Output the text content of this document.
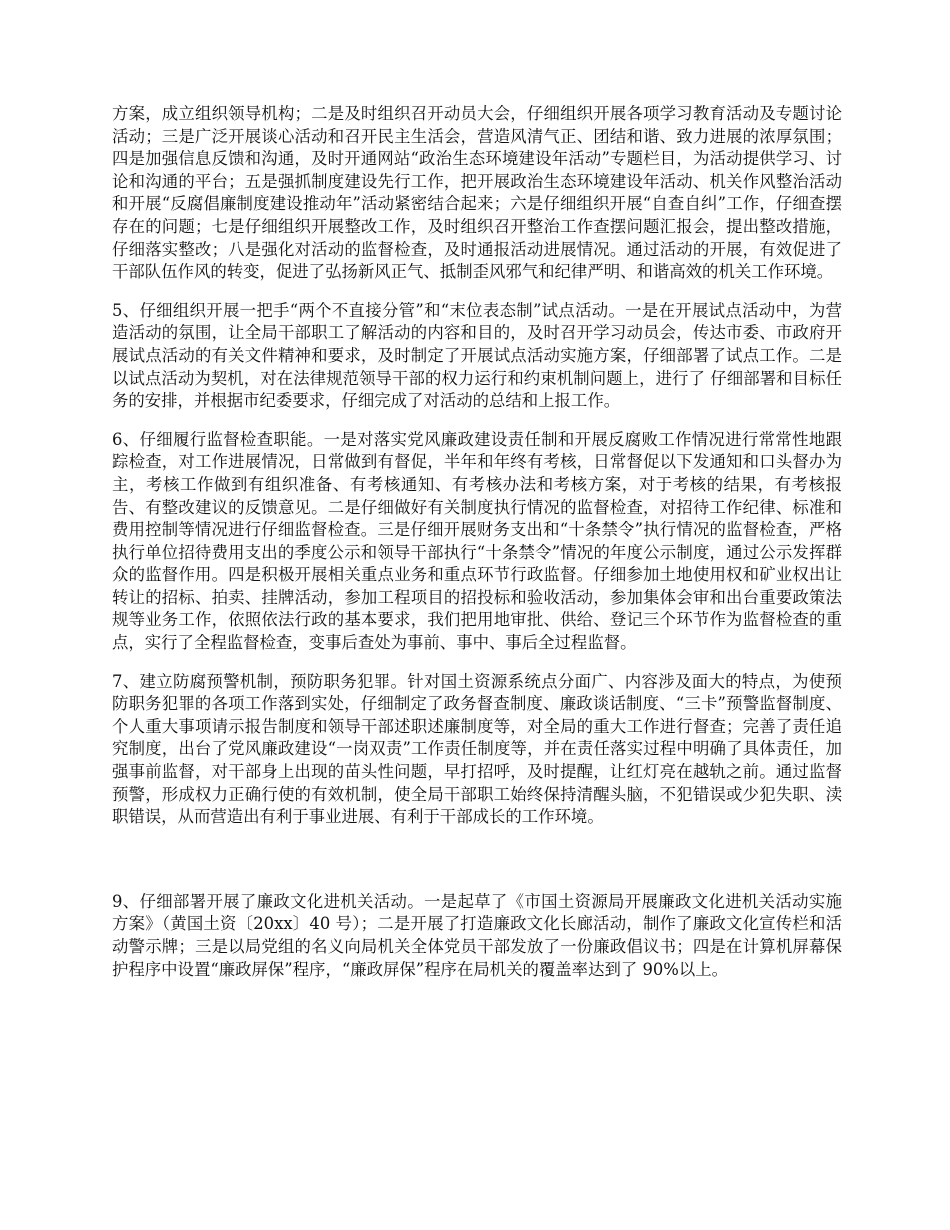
方案，成立组织领导机构；二是及时组织召开动员大会，仔细组织开展各项学习教育活动及专题讨论活动；三是广泛开展谈心活动和召开民主生活会，营造风清气正、团结和谐、致力进展的浓厚氛围；四是加强信息反馈和沟通，及时开通网站“政治生态环境建设年活动”专题栏目，为活动提供学习、讨论和沟通的平台；五是强抓制度建设先行工作，把开展政治生态环境建设年活动、机关作风整治活动和开展“反腐倡廉制度建设推动年”活动紧密结合起来；六是仔细组织开展“自查自纠”工作，仔细查摆存在的问题；七是仔细组织开展整改工作，及时组织召开整治工作查摆问题汇报会，提出整改措施，仔细落实整改；八是强化对活动的监督检查，及时通报活动进展情况。通过活动的开展，有效促进了干部队伍作风的转变，促进了弘扬新风正气、抵制歪风邪气和纪律严明、和谐高效的机关工作环境。

5、仔细组织开展一把手“两个不直接分管”和“末位表态制”试点活动。一是在开展试点活动中，为营造活动的氛围，让全局干部职工了解活动的内容和目的，及时召开学习动员会，传达市委、市政府开展试点活动的有关文件精神和要求，及时制定了开展试点活动实施方案，仔细部署了试点工作。二是以试点活动为契机，对在法律规范领导干部的权力运行和约束机制问题上，进行了 仔细部署和目标任务的安排，并根据市纪委要求，仔细完成了对活动的总结和上报工作。

6、仔细履行监督检查职能。一是对落实党风廉政建设责任制和开展反腐败工作情况进行常常性地跟踪检查，对工作进展情况，日常做到有督促，半年和年终有考核，日常督促以下发通知和口头督办为主，考核工作做到有组织准备、有考核通知、有考核办法和考核方案，对于考核的结果，有考核报告、有整改建议的反馈意见。二是仔细做好有关制度执行情况的监督检查，对招待工作纪律、标准和费用控制等情况进行仔细监督检查。三是仔细开展财务支出和“十条禁令”执行情况的监督检查，严格执行单位招待费用支出的季度公示和领导干部执行“十条禁令”情况的年度公示制度，通过公示发挥群众的监督作用。四是积极开展相关重点业务和重点环节行政监督。仔细参加土地使用权和矿业权出让转让的招标、拍卖、挂牌活动，参加工程项目的招投标和验收活动，参加集体会审和出台重要政策法规等业务工作，依照依法行政的基本要求，我们把用地审批、供给、登记三个环节作为监督检查的重点，实行了全程监督检查，变事后查处为事前、事中、事后全过程监督。

7、建立防腐预警机制，预防职务犯罪。针对国土资源系统点分面广、内容涉及面大的特点，为使预防职务犯罪的各项工作落到实处，仔细制定了政务督查制度、廉政谈话制度、“三卡”预警监督制度、个人重大事项请示报告制度和领导干部述职述廉制度等，对全局的重大工作进行督查；完善了责任追究制度，出台了党风廉政建设“一岗双责”工作责任制度等，并在责任落实过程中明确了具体责任，加强事前监督，对干部身上出现的苗头性问题，早打招呼，及时提醒，让红灯亮在越轨之前。通过监督预警，形成权力正确行使的有效机制，使全局干部职工始终保持清醒头脑，不犯错误或少犯失职、渎职错误，从而营造出有利于事业进展、有利于干部成长的工作环境。

9、仔细部署开展了廉政文化进机关活动。一是起草了《市国土资源局开展廉政文化进机关活动实施方案》（黄国土资〔20xx〕40 号）；二是开展了打造廉政文化长廊活动，制作了廉政文化宣传栏和活动警示牌；三是以局党组的名义向局机关全体党员干部发放了一份廉政倡议书；四是在计算机屏幕保护程序中设置“廉政屏保”程序，“廉政屏保”程序在局机关的覆盖率达到了 90%以上。
